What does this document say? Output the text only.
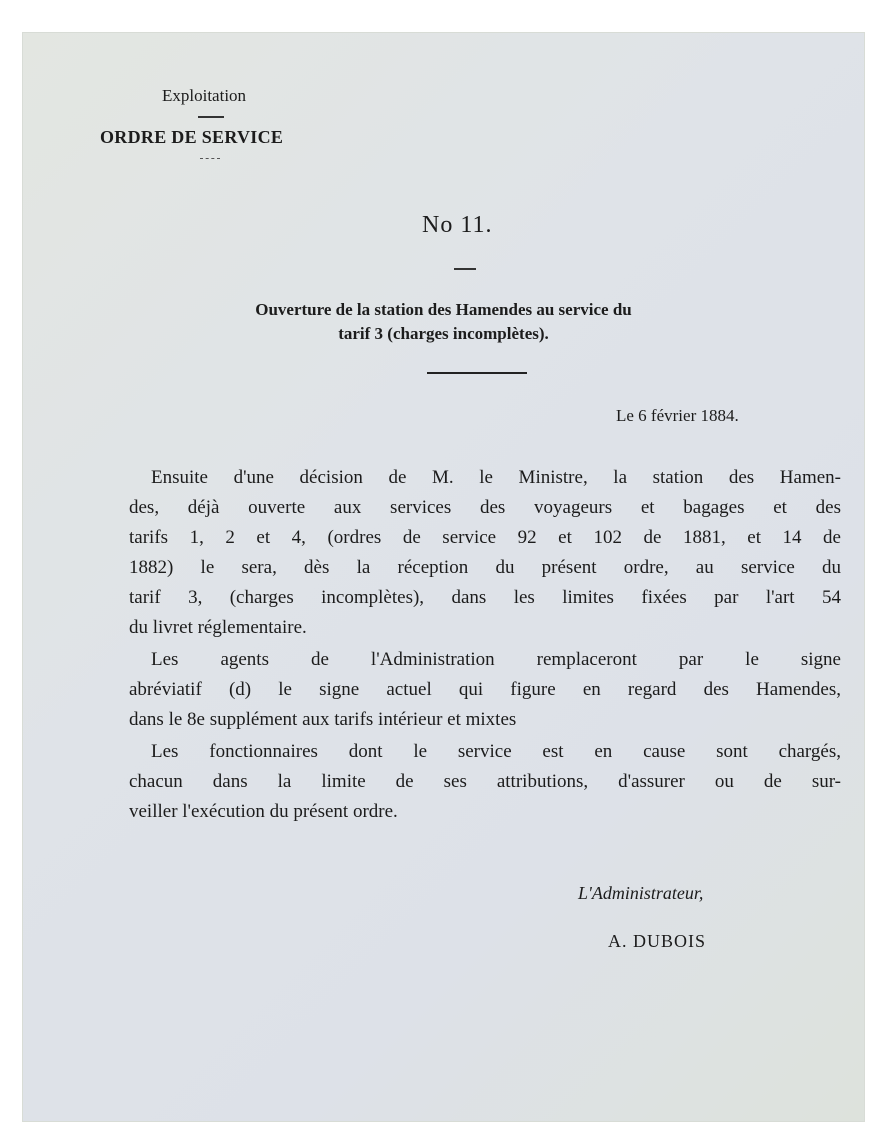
Exploitation
ORDRE DE SERVICE
No 11.
Ouverture de la station des Hamendes au service du
tarif 3 (charges incomplètes).
Le 6 février 1884.
Ensuite d'une décision de M. le Ministre, la station des Hamen-
des, déjà ouverte aux services des voyageurs et bagages et des
tarifs 1, 2 et 4, (ordres de service 92 et 102 de 1881, et 14 de
1882) le sera, dès la réception du présent ordre, au service du
tarif 3, (charges incomplètes), dans les limites fixées par l'art 54
du livret réglementaire.
Les agents de l'Administration remplaceront par le signe
abréviatif (d) le signe actuel qui figure en regard des Hamendes,
dans le 8e supplément aux tarifs intérieur et mixtes
Les fonctionnaires dont le service est en cause sont chargés,
chacun dans la limite de ses attributions, d'assurer ou de sur-
veiller l'exécution du présent ordre.
L'Administrateur,
A. DUBOIS
